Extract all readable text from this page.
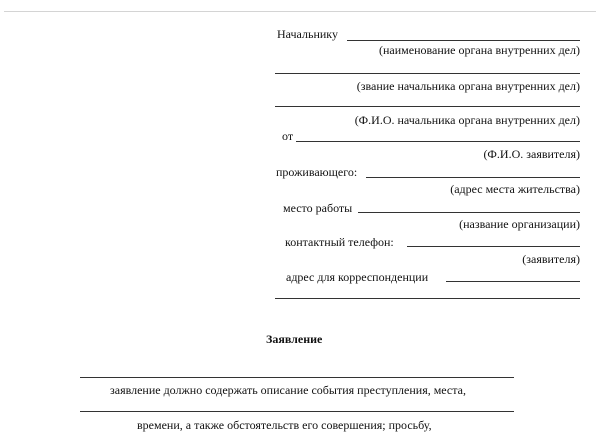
Начальнику
(наименование органа внутренних дел)
(звание начальника органа внутренних дел)
(Ф.И.О. начальника органа внутренних дел)
от
(Ф.И.О. заявителя)
проживающего:
(адрес места жительства)
место работы
(название организации)
контактный телефон:
(заявителя)
адрес для корреспонденции
Заявление
заявление должно содержать описание события преступления, места,
времени, а также обстоятельств его совершения; просьбу,
